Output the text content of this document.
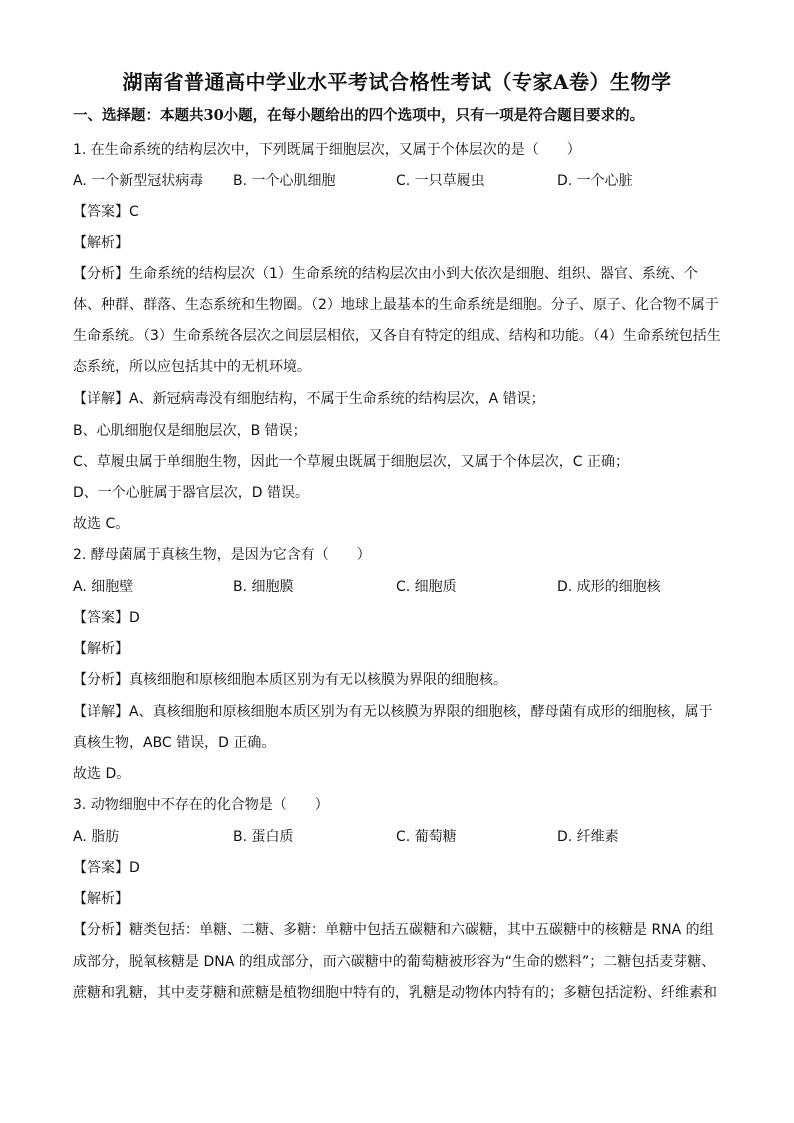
湖南省普通高中学业水平考试合格性考试（专家A卷）生物学
一、选择题：本题共30小题，在每小题给出的四个选项中，只有一项是符合题目要求的。
1. 在生命系统的结构层次中，下列既属于细胞层次，又属于个体层次的是（　　）
A. 一个新型冠状病毒 B. 一个心肌细胞	C. 一只草履虫	D. 一个心脏
【答案】C
【解析】
【分析】生命系统的结构层次（1）生命系统的结构层次由小到大依次是细胞、组织、器官、系统、个
体、种群、群落、生态系统和生物圈。（2）地球上最基本的生命系统是细胞。分子、原子、化合物不属于
生命系统。（3）生命系统各层次之间层层相依，又各自有特定的组成、结构和功能。（4）生命系统包括生
态系统，所以应包括其中的无机环境。
【详解】A、新冠病毒没有细胞结构，不属于生命系统的结构层次，A 错误；
B、心肌细胞仅是细胞层次，B 错误；
C、草履虫属于单细胞生物，因此一个草履虫既属于细胞层次，又属于个体层次，C 正确；
D、一个心脏属于器官层次，D 错误。
故选 C。
2. 酵母菌属于真核生物，是因为它含有（　　）
A. 细胞壁	B. 细胞膜	C. 细胞质	D. 成形的细胞核
【答案】D
【解析】
【分析】真核细胞和原核细胞本质区别为有无以核膜为界限的细胞核。
【详解】A、真核细胞和原核细胞本质区别为有无以核膜为界限的细胞核，酵母菌有成形的细胞核，属于
真核生物，ABC 错误，D 正确。
故选 D。
3. 动物细胞中不存在的化合物是（　　）
A. 脂肪	B. 蛋白质	C. 葡萄糖	D. 纤维素
【答案】D
【解析】
【分析】糖类包括：单糖、二糖、多糖：单糖中包括五碳糖和六碳糖，其中五碳糖中的核糖是 RNA 的组
成部分，脱氧核糖是 DNA 的组成部分，而六碳糖中的葡萄糖被形容为“生命的燃料”；二糖包括麦芽糖、
蔗糖和乳糖，其中麦芽糖和蔗糖是植物细胞中特有的，乳糖是动物体内特有的；多糖包括淀粉、纤维素和
